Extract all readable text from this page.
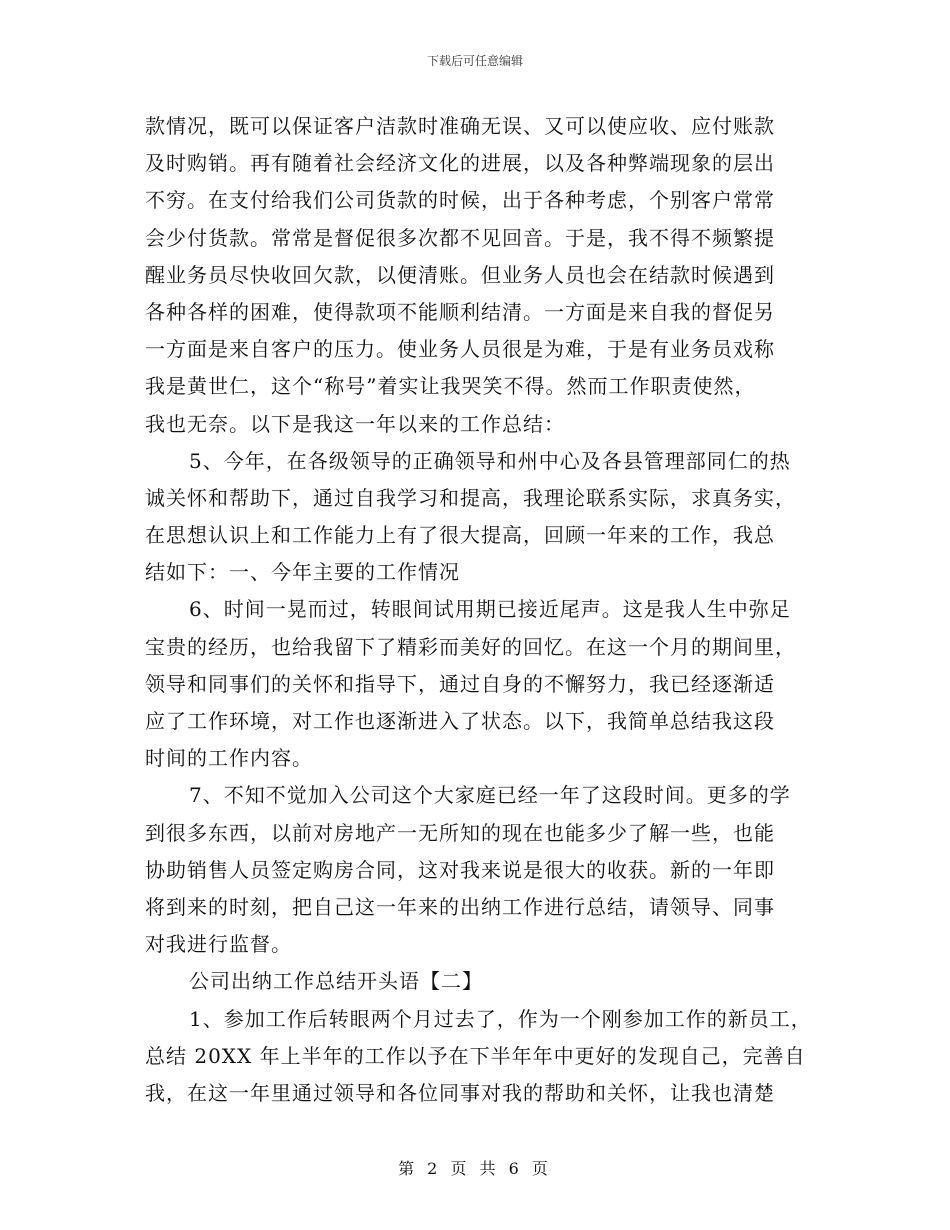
下载后可任意编辑
款情况，既可以保证客户洁款时准确无误、又可以使应收、应付账款
及时购销。再有随着社会经济文化的进展，以及各种弊端现象的层出
不穷。在支付给我们公司货款的时候，出于各种考虑，个别客户常常
会少付货款。常常是督促很多次都不见回音。于是，我不得不频繁提
醒业务员尽快收回欠款，以便清账。但业务人员也会在结款时候遇到
各种各样的困难，使得款项不能顺利结清。一方面是来自我的督促另
一方面是来自客户的压力。使业务人员很是为难，于是有业务员戏称
我是黄世仁，这个“称号”着实让我哭笑不得。然而工作职责使然，
我也无奈。以下是我这一年以来的工作总结：
5、今年，在各级领导的正确领导和州中心及各县管理部同仁的热
诚关怀和帮助下，通过自我学习和提高，我理论联系实际，求真务实，
在思想认识上和工作能力上有了很大提高，回顾一年来的工作，我总
结如下：一、今年主要的工作情况
6、时间一晃而过，转眼间试用期已接近尾声。这是我人生中弥足
宝贵的经历，也给我留下了精彩而美好的回忆。在这一个月的期间里，
领导和同事们的关怀和指导下，通过自身的不懈努力，我已经逐渐适
应了工作环境，对工作也逐渐进入了状态。以下，我简单总结我这段
时间的工作内容。
7、不知不觉加入公司这个大家庭已经一年了这段时间。更多的学
到很多东西，以前对房地产一无所知的现在也能多少了解一些，也能
协助销售人员签定购房合同，这对我来说是很大的收获。新的一年即
将到来的时刻，把自己这一年来的出纳工作进行总结，请领导、同事
对我进行监督。
公司出纳工作总结开头语【二】
1、参加工作后转眼两个月过去了，作为一个刚参加工作的新员工，
总结 20XX 年上半年的工作以予在下半年年中更好的发现自己，完善自
我，在这一年里通过领导和各位同事对我的帮助和关怀，让我也清楚
第 2 页 共 6 页
